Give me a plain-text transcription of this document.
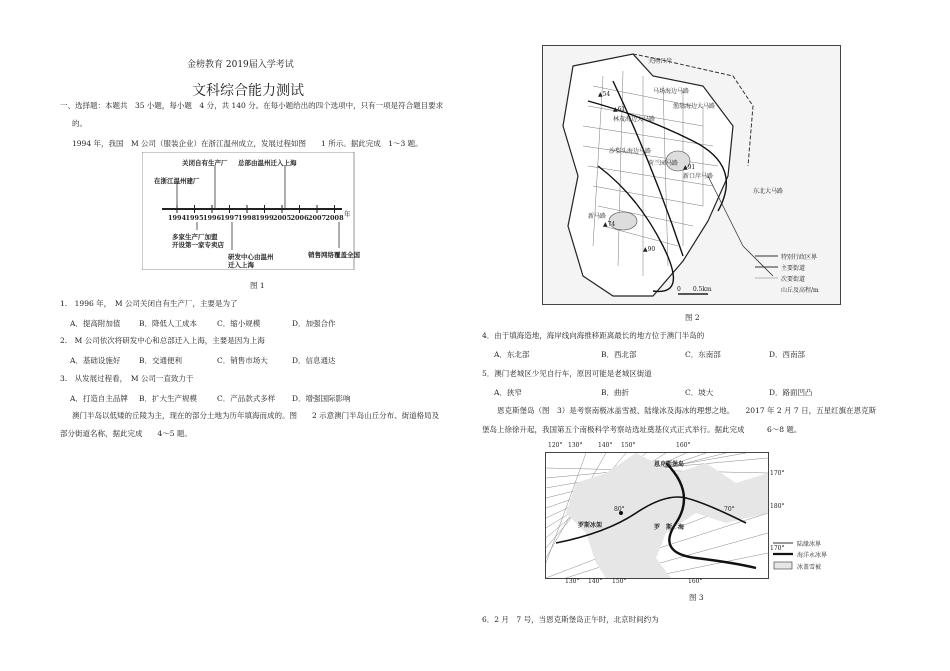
金榜教育 2019届入学考试
文科综合能力测试
一、选择题：本题共　35 小题，每小题　4 分，共 140 分。在每小题给出的四个选项中，只有一项是符合题目要求
的。
1994 年，我国　M 公司（服装企业）在浙江温州成立，发展过程如图　　1 所示。据此完成　1～3 题。
关闭自有生产厂 总部由温州迁入上海
在浙江温州建厂
多家生产厂加盟
开设第一家专卖店
研发中心由温州
迁入上海
销售网络覆盖全国
年
1994 1995 1996 1997 1998 1999 2005 2006 2007 2008
图 1
1.　1996 年，　M 公司关闭自有生产厂，主要是为了
A．提高附加值 B．降低人工成本	C．缩小规模	D．加强合作
2.　M 公司依次将研发中心和总部迁入上海，主要是因为上海
A．基础设施好 B．交通便利	C．销售市场大	D．信息通达
3.　从发展过程看，　M 公司一直致力于
A．打造自主品牌 B．扩大生产规模	C．产品款式多样 D．增强国际影响
澳门半岛以低矮的丘陵为主，现在的部分土地为历年填海而成的。图　　2 示意澳门半岛山丘分布、街道格局及
部分街道名称，据此完成　　4～5 题。
关闸口岸
马场海边马路
渔翁海边大马路
林茂海边大马路
沙梨头海边马路
荷兰园马路
新口岸马路
新马路
东北大马路
▲54
▲61
▲91
▲74
▲90
特别行政区界
主要街道
次要街道
山丘及高程/m
0　　0.5km
图 2
4．由于填海造地，海岸线向海推移距离最长的地方位于澳门半岛的
A．东北部	B．西北部	C．东南部	D．西南部
5．澳门老城区少见自行车，原因可能是老城区街道
A．狭窄	B．曲折	C．坡大	D．路面凹凸
恩克斯堡岛（图　3）是考察南极冰盖雪被、陆缘冰及海冰的理想之地。　　2017 年 2 月 7 日，五星红旗在恩克斯
堡岛上徐徐升起，我国第五个南极科学考察站选址奠基仪式正式举行。据此完成　　　6～8 题。
恩克斯堡岛
罗斯冰架	罗　斯　海
80°	70°
120° 130°	140° 150°	160°
130° 140° 150°	160°
170°
180°
170°
陆缘冰界
海洋永冰界
冰盖雪被
图 3
6．2 月　7 号，当恩克斯堡岛正午时，北京时间约为
